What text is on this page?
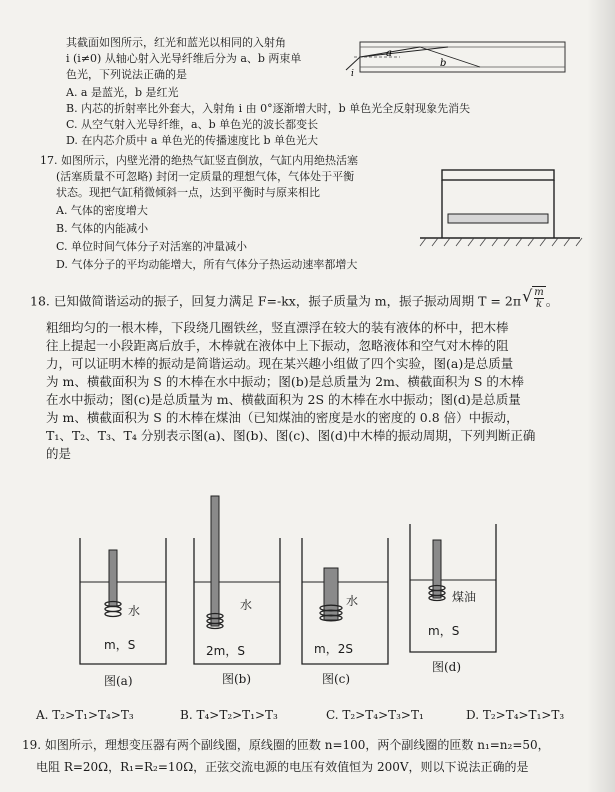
其截面如图所示，红光和蓝光以相同的入射角
i (i≠0) 从轴心射入光导纤维后分为 a、b 两束单
色光，下列说法正确的是
A. a 是蓝光，b 是红光
B. 内芯的折射率比外套大，入射角 i 由 0°逐渐增大时，b 单色光全反射现象先消失
C. 从空气射入光导纤维，a、b 单色光的波长都变长
D. 在内芯介质中 a 单色光的传播速度比 b 单色光大
a
b
i
17. 如图所示，内壁光滑的绝热气缸竖直倒放，气缸内用绝热活塞
(活塞质量不可忽略) 封闭一定质量的理想气体，气体处于平衡
状态。现把气缸稍微倾斜一点，达到平衡时与原来相比
A. 气体的密度增大
B. 气体的内能减小
C. 单位时间气体分子对活塞的冲量减小
D. 气体分子的平均动能增大，所有气体分子热运动速率都增大
18. 已知做简谐运动的振子，回复力满足 F=-kx，振子质量为 m，振子振动周期 $T = 2\pi√ \frac{m}{k}$ 。
粗细均匀的一根木棒，下段绕几圈铁丝，竖直漂浮在较大的装有液体的杯中，把木棒
往上提起一小段距离后放手，木棒就在液体中上下振动，忽略液体和空气对木棒的阻
力，可以证明木棒的振动是简谐运动。现在某兴趣小组做了四个实验，图(a)是总质量
为 m、横截面积为 S 的木棒在水中振动；图(b)是总质量为 2m、横截面积为 S 的木棒
在水中振动；图(c)是总质量为 m、横截面积为 2S 的木棒在水中振动；图(d)是总质量
为 m、横截面积为 S 的木棒在煤油（已知煤油的密度是水的密度的 0.8 倍）中振动，
T₁、T₂、T₃、T₄ 分别表示图(a)、图(b)、图(c)、图(d)中木棒的振动周期，下列判断正确
的是
水
m，S
图(a)
水
2m，S
图(b)
水
m，2S
图(c)
煤油
m，S
图(d)
A. T₂>T₁>T₄>T₃	B. T₄>T₂>T₁>T₃	C. T₂>T₄>T₃>T₁	D. T₂>T₄>T₁>T₃
19. 如图所示，理想变压器有两个副线圈，原线圈的匝数 n=100，两个副线圈的匝数 n₁=n₂=50，
电阻 R=20Ω，R₁=R₂=10Ω，正弦交流电源的电压有效值恒为 200V，则以下说法正确的是
